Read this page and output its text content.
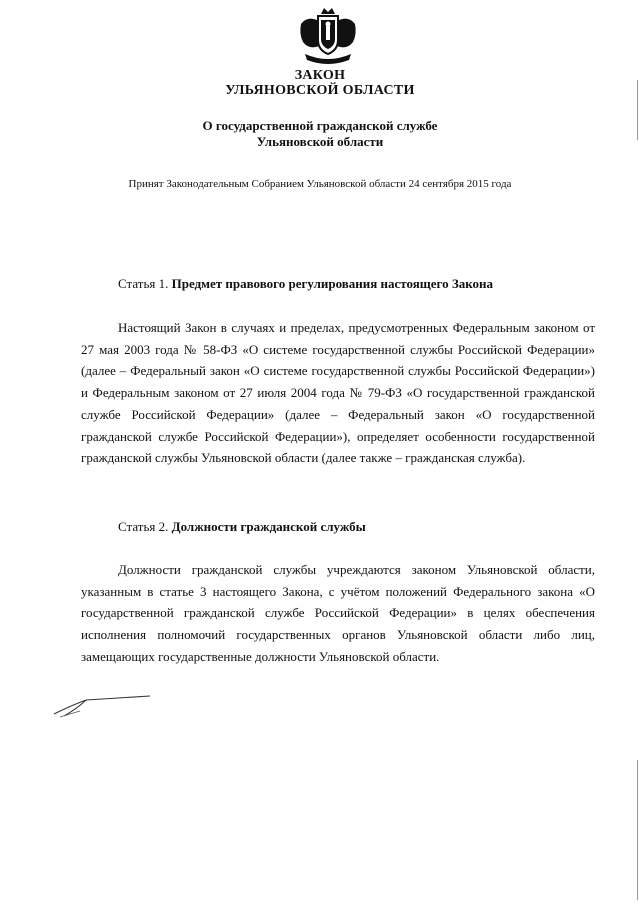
ЗАКОН
УЛЬЯНОВСКОЙ ОБЛАСТИ
О государственной гражданской службе
Ульяновской области
Принят Законодательным Собранием Ульяновской области 24 сентября 2015 года
Статья 1. Предмет правового регулирования настоящего Закона

Настоящий Закон в случаях и пределах, предусмотренных Федеральным законом от 27 мая 2003 года № 58-ФЗ «О системе государственной службы Российской Федерации» (далее – Федеральный закон «О системе государственной службы Российской Федерации») и Федеральным законом от 27 июля 2004 года № 79-ФЗ «О государственной гражданской службе Российской Федерации» (далее – Федеральный закон «О государственной гражданской службе Российской Федерации»), определяет особенности государственной гражданской службы Ульяновской области (далее также – гражданская служба).

Статья 2. Должности гражданской службы

Должности гражданской службы учреждаются законом Ульяновской области, указанным в статье 3 настоящего Закона, с учётом положений Федерального закона «О государственной гражданской службе Российской Федерации» в целях обеспечения исполнения полномочий государственных органов Ульяновской области либо лиц, замещающих государственные должности Ульяновской области.
